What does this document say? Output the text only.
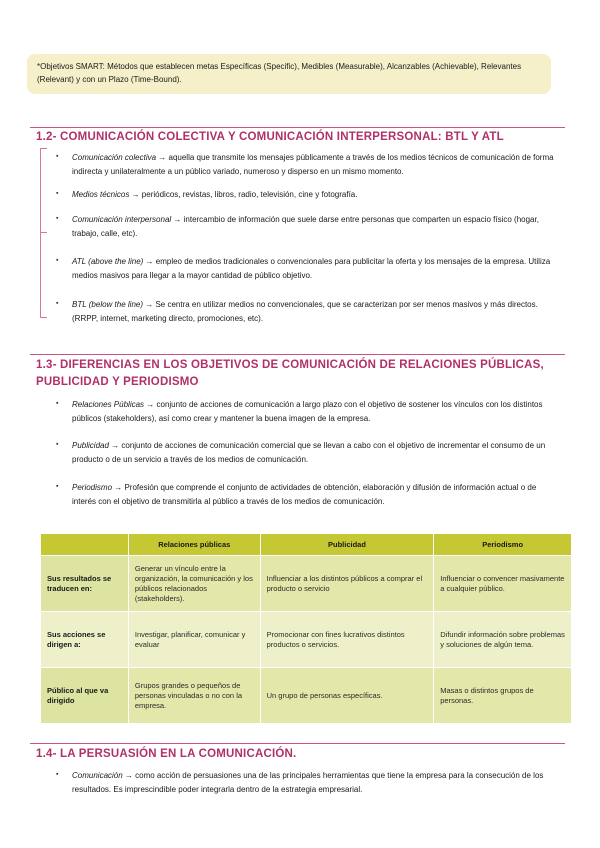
*Objetivos SMART: Métodos que establecen metas Específicas (Specific), Medibles (Measurable), Alcanzables (Achievable), Relevantes (Relevant) y con un Plazo (Time-Bound).
1.2- COMUNICACIÓN COLECTIVA Y COMUNICACIÓN INTERPERSONAL: BTL Y ATL
▪ Comunicación colectiva → aquella que transmite los mensajes públicamente a través de los medios técnicos de comunicación de forma indirecta y unilateralmente a un público variado, numeroso y disperso en un mismo momento.
▪ Medios técnicos → periódicos, revistas, libros, radio, televisión, cine y fotografía.
▪ Comunicación interpersonal → intercambio de información que suele darse entre personas que comparten un espacio físico (hogar, trabajo, calle, etc).
▪ ATL (above the line) → empleo de medios tradicionales o convencionales para publicitar la oferta y los mensajes de la empresa. Utiliza medios masivos para llegar a la mayor cantidad de público objetivo.
▪ BTL (below the line) → Se centra en utilizar medios no convencionales, que se caracterizan por ser menos masivos y más directos. (RRPP, internet, marketing directo, promociones, etc).
1.3- DIFERENCIAS EN LOS OBJETIVOS DE COMUNICACIÓN DE RELACIONES PÚBLICAS,
PUBLICIDAD Y PERIODISMO
▪ Relaciones Públicas → conjunto de acciones de comunicación a largo plazo con el objetivo de sostener los vínculos con los distintos públicos (stakeholders), así como crear y mantener la buena imagen de la empresa.
▪ Publicidad → conjunto de acciones de comunicación comercial que se llevan a cabo con el objetivo de incrementar el consumo de un producto o de un servicio a través de los medios de comunicación.
▪ Periodismo → Profesión que comprende el conjunto de actividades de obtención, elaboración y difusión de información actual o de interés con el objetivo de transmitirla al público a través de los medios de comunicación.
	Relaciones públicas	Publicidad	Periodismo
Sus resultados se traducen en:	Generar un vínculo entre la organización, la comunicación y los públicos relacionados (stakeholders).	Influenciar a los distintos públicos a comprar el producto o servicio	Influenciar o convencer masivamente a cualquier público.
Sus acciones se dirigen a:	Investigar, planificar, comunicar y evaluar	Promocionar con fines lucrativos distintos productos o servicios.	Difundir información sobre problemas y soluciones de algún tema.
Público al que va dirigido	Grupos grandes o pequeños de personas vinculadas o no con la empresa.	Un grupo de personas específicas.	Masas o distintos grupos de personas.
1.4- LA PERSUASIÓN EN LA COMUNICACIÓN.
▪ Comunicación → como acción de persuasiones una de las principales herramientas que tiene la empresa para la consecución de los resultados. Es imprescindible poder integrarla dentro de la estrategia empresarial.
